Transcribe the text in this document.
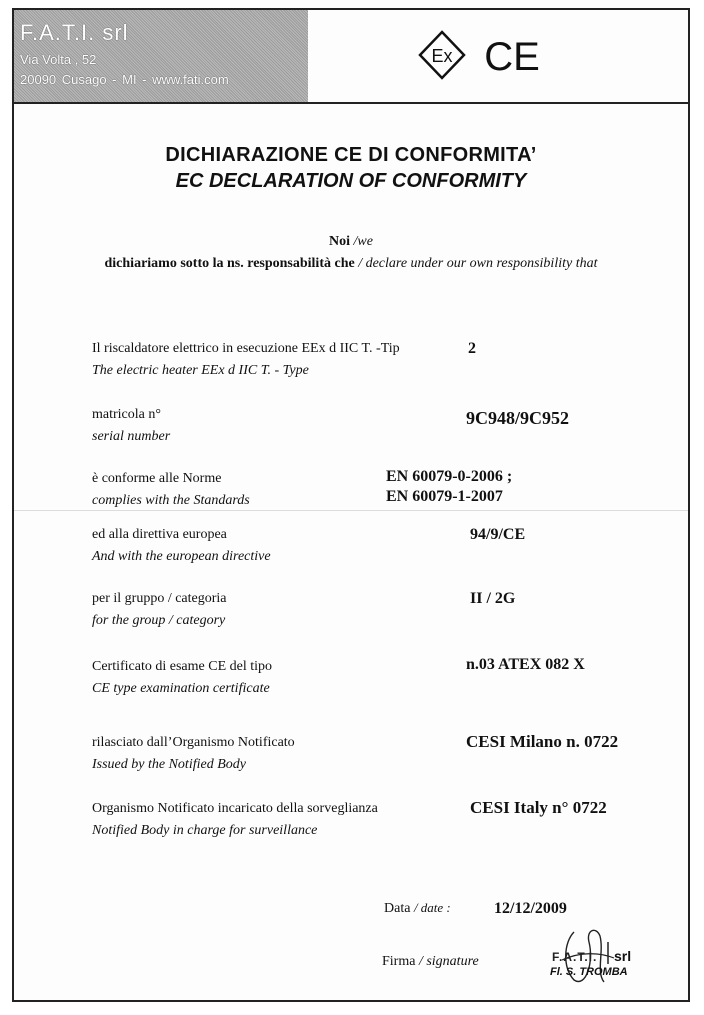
F.A.T.I. srl
Via Volta , 52
20090 Cusago - MI - www.fati.com
Ex CE
DICHIARAZIONE CE DI CONFORMITA’
EC DECLARATION OF CONFORMITY
Noi /we
dichiariamo sotto la ns. responsabilità che / declare under our own responsibility that
Il riscaldatore elettrico in esecuzione EEx d IIC T. -Tip
The electric heater EEx d IIC T. - Type
2
matricola n°
serial number
9C948/9C952
è conforme alle Norme
complies with the Standards
EN 60079-0-2006 ;
EN 60079-1-2007
ed alla direttiva europea
And with the european directive
94/9/CE
per il gruppo / categoria
for the group / category
II / 2G
Certificato di esame CE del tipo
CE type examination certificate
n.03 ATEX 082 X
rilasciato dall’Organismo Notificato
Issued by the Notified Body
CESI Milano n. 0722
Organismo Notificato incaricato della sorveglianza
Notified Body in charge for surveillance
CESI Italy n° 0722
Data / date :	12/12/2009
Firma / signature	F.A.T.I. srl
Fl. S. TROMBA
